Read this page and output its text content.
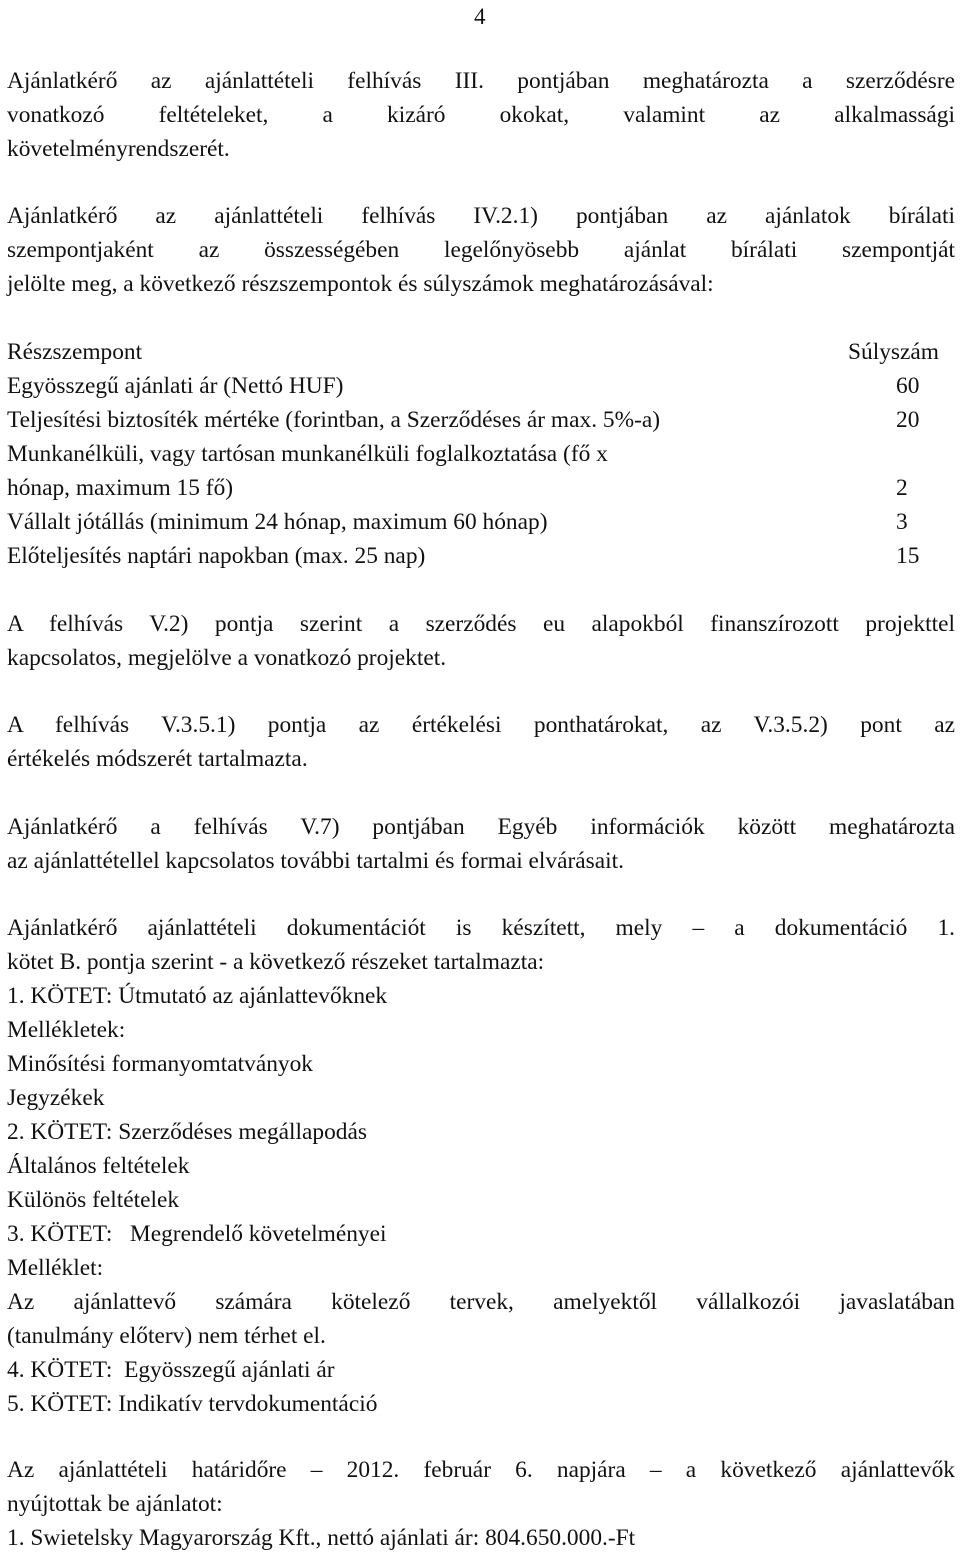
4
Ajánlatkérő az ajánlattételi felhívás III. pontjában meghatározta a szerződésre
vonatkozó feltételeket, a kizáró okokat, valamint az alkalmassági
követelményrendszerét.
Ajánlatkérő az ajánlattételi felhívás IV.2.1) pontjában az ajánlatok bírálati
szempontjaként az összességében legelőnyösebb ajánlat bírálati szempontját
jelölte meg, a következő részszempontok és súlyszámok meghatározásával:
Részszempont	Súlyszám
Egyösszegű ajánlati ár (Nettó HUF)	60
Teljesítési biztosíték mértéke (forintban, a Szerződéses ár max. 5%-a)	20
Munkanélküli, vagy tartósan munkanélküli foglalkoztatása (fő x
hónap, maximum 15 fő)	2
Vállalt jótállás (minimum 24 hónap, maximum 60 hónap)	3
Előteljesítés naptári napokban (max. 25 nap)	15
A felhívás V.2) pontja szerint a szerződés eu alapokból finanszírozott projekttel
kapcsolatos, megjelölve a vonatkozó projektet.
A felhívás V.3.5.1) pontja az értékelési ponthatárokat, az V.3.5.2) pont az
értékelés módszerét tartalmazta.
Ajánlatkérő a felhívás V.7) pontjában Egyéb információk között meghatározta
az ajánlattétellel kapcsolatos további tartalmi és formai elvárásait.
Ajánlatkérő ajánlattételi dokumentációt is készített, mely – a dokumentáció 1.
kötet B. pontja szerint - a következő részeket tartalmazta:
1. KÖTET: Útmutató az ajánlattevőknek
Mellékletek:
Minősítési formanyomtatványok
Jegyzékek
2. KÖTET: Szerződéses megállapodás
Általános feltételek
Különös feltételek
3. KÖTET:   Megrendelő követelményei
Melléklet:
Az ajánlattevő számára kötelező tervek, amelyektől vállalkozói javaslatában
(tanulmány előterv) nem térhet el.
4. KÖTET:  Egyösszegű ajánlati ár
5. KÖTET: Indikatív tervdokumentáció
Az ajánlattételi határidőre – 2012. február 6. napjára – a következő ajánlattevők
nyújtottak be ajánlatot:
1. Swietelsky Magyarország Kft., nettó ajánlati ár: 804.650.000.-Ft
